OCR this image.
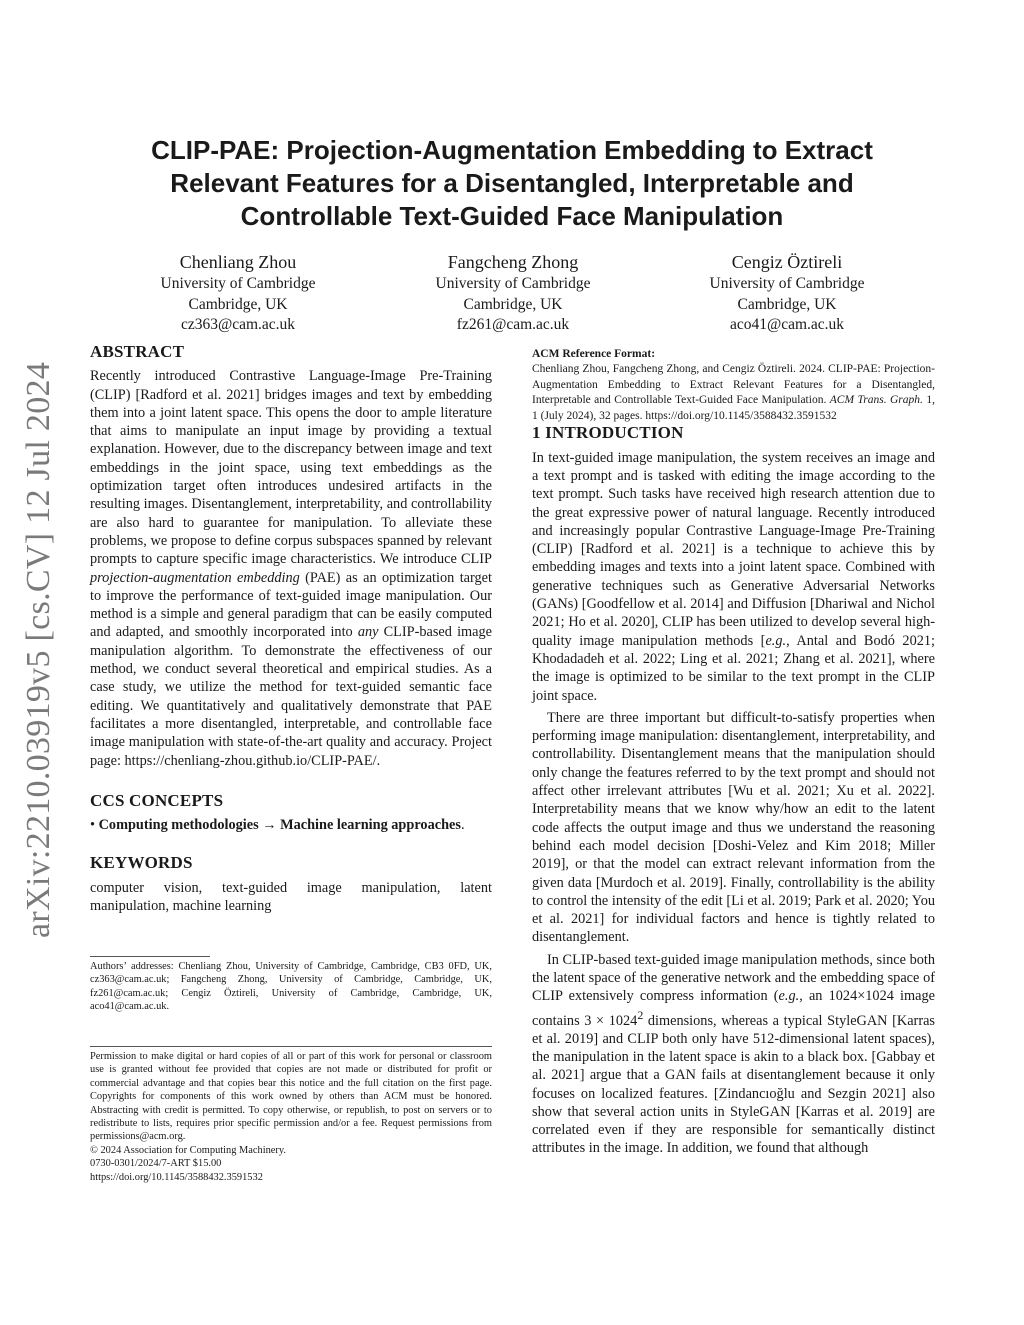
arXiv:2210.03919v5 [cs.CV] 12 Jul 2024
CLIP-PAE: Projection-Augmentation Embedding to Extract Relevant Features for a Disentangled, Interpretable and Controllable Text-Guided Face Manipulation
Chenliang Zhou
University of Cambridge
Cambridge, UK
cz363@cam.ac.uk
Fangcheng Zhong
University of Cambridge
Cambridge, UK
fz261@cam.ac.uk
Cengiz Öztireli
University of Cambridge
Cambridge, UK
aco41@cam.ac.uk
ABSTRACT

Recently introduced Contrastive Language-Image Pre-Training (CLIP) [Radford et al. 2021] bridges images and text by embedding them into a joint latent space. This opens the door to ample literature that aims to manipulate an input image by providing a textual explanation. However, due to the discrepancy between image and text embeddings in the joint space, using text embeddings as the optimization target often introduces undesired artifacts in the resulting images. Disentanglement, interpretability, and controllability are also hard to guarantee for manipulation. To alleviate these problems, we propose to define corpus subspaces spanned by relevant prompts to capture specific image characteristics. We introduce CLIP projection-augmentation embedding (PAE) as an optimization target to improve the performance of text-guided image manipulation. Our method is a simple and general paradigm that can be easily computed and adapted, and smoothly incorporated into any CLIP-based image manipulation algorithm. To demonstrate the effectiveness of our method, we conduct several theoretical and empirical studies. As a case study, we utilize the method for text-guided semantic face editing. We quantitatively and qualitatively demonstrate that PAE facilitates a more disentangled, interpretable, and controllable face image manipulation with state-of-the-art quality and accuracy. Project page: https://chenliang-zhou.github.io/CLIP-PAE/.

CCS CONCEPTS

• Computing methodologies → Machine learning approaches.

KEYWORDS

computer vision, text-guided image manipulation, latent manipulation, machine learning

Authors’ addresses: Chenliang Zhou, University of Cambridge, Cambridge, CB3 0FD, UK, cz363@cam.ac.uk; Fangcheng Zhong, University of Cambridge, Cambridge, UK, fz261@cam.ac.uk; Cengiz Öztireli, University of Cambridge, Cambridge, UK, aco41@cam.ac.uk.

Permission to make digital or hard copies of all or part of this work for personal or classroom use is granted without fee provided that copies are not made or distributed for profit or commercial advantage and that copies bear this notice and the full citation on the first page. Copyrights for components of this work owned by others than ACM must be honored. Abstracting with credit is permitted. To copy otherwise, or republish, to post on servers or to redistribute to lists, requires prior specific permission and/or a fee. Request permissions from permissions@acm.org.

© 2024 Association for Computing Machinery.

0730-0301/2024/7-ART $15.00

https://doi.org/10.1145/3588432.3591532

ACM Reference Format:

Chenliang Zhou, Fangcheng Zhong, and Cengiz Öztireli. 2024. CLIP-PAE: Projection-Augmentation Embedding to Extract Relevant Features for a Disentangled, Interpretable and Controllable Text-Guided Face Manipulation. ACM Trans. Graph. 1, 1 (July 2024), 32 pages. https://doi.org/10.1145/3588432.3591532

1 INTRODUCTION

In text-guided image manipulation, the system receives an image and a text prompt and is tasked with editing the image according to the text prompt. Such tasks have received high research attention due to the great expressive power of natural language. Recently introduced and increasingly popular Contrastive Language-Image Pre-Training (CLIP) [Radford et al. 2021] is a technique to achieve this by embedding images and texts into a joint latent space. Combined with generative techniques such as Generative Adversarial Networks (GANs) [Goodfellow et al. 2014] and Diffusion [Dhariwal and Nichol 2021; Ho et al. 2020], CLIP has been utilized to develop several high-quality image manipulation methods [e.g., Antal and Bodó 2021; Khodadadeh et al. 2022; Ling et al. 2021; Zhang et al. 2021], where the image is optimized to be similar to the text prompt in the CLIP joint space.

There are three important but difficult-to-satisfy properties when performing image manipulation: disentanglement, interpretability, and controllability. Disentanglement means that the manipulation should only change the features referred to by the text prompt and should not affect other irrelevant attributes [Wu et al. 2021; Xu et al. 2022]. Interpretability means that we know why/how an edit to the latent code affects the output image and thus we understand the reasoning behind each model decision [Doshi-Velez and Kim 2018; Miller 2019], or that the model can extract relevant information from the given data [Murdoch et al. 2019]. Finally, controllability is the ability to control the intensity of the edit [Li et al. 2019; Park et al. 2020; You et al. 2021] for individual factors and hence is tightly related to disentanglement.

In CLIP-based text-guided image manipulation methods, since both the latent space of the generative network and the embedding space of CLIP extensively compress information (e.g., an 1024×1024 image contains $3 \times 1024^2$ dimensions, whereas a typical StyleGAN [Karras et al. 2019] and CLIP both only have 512-dimensional latent spaces), the manipulation in the latent space is akin to a black box. [Gabbay et al. 2021] argue that a GAN fails at disentanglement because it only focuses on localized features. [Zindancıoğlu and Sezgin 2021] also show that several action units in StyleGAN [Karras et al. 2019] are correlated even if they are responsible for semantically distinct attributes in the image. In addition, we found that although
